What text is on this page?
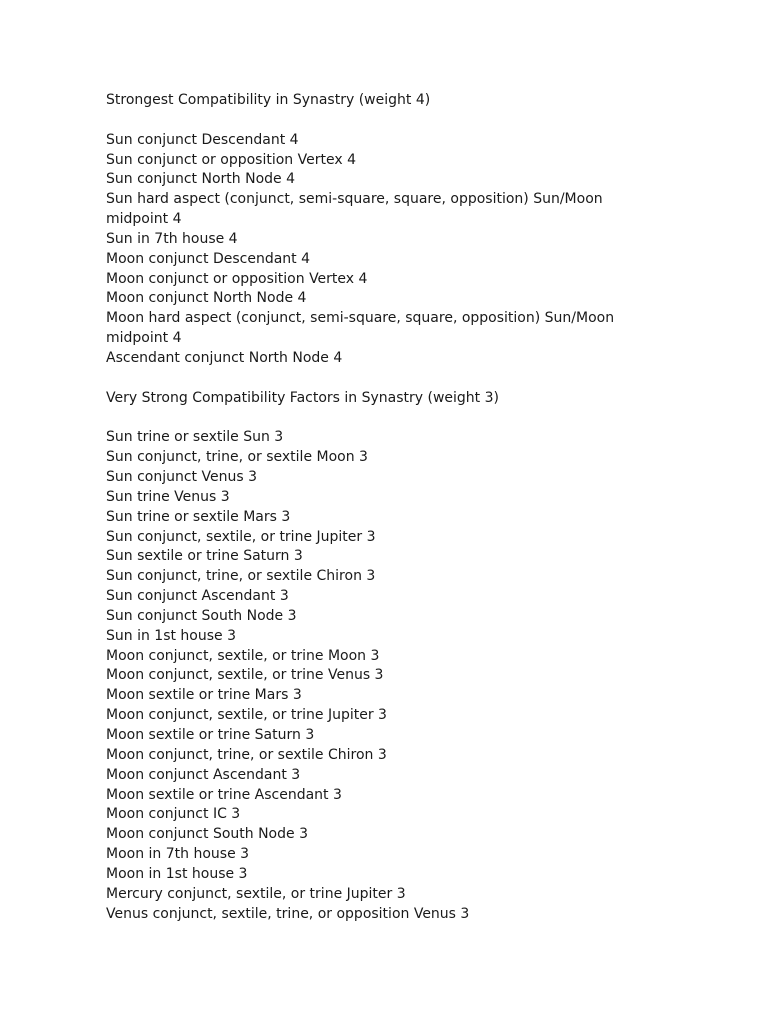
Strongest Compatibility in Synastry (weight 4)
Sun conjunct Descendant 4
Sun conjunct or opposition Vertex 4
Sun conjunct North Node 4
Sun hard aspect (conjunct, semi-square, square, opposition) Sun/Moon midpoint 4
Sun in 7th house 4
Moon conjunct Descendant 4
Moon conjunct or opposition Vertex 4
Moon conjunct North Node 4
Moon hard aspect (conjunct, semi-square, square, opposition) Sun/Moon midpoint 4
Ascendant conjunct North Node 4
Very Strong Compatibility Factors in Synastry (weight 3)
Sun trine or sextile Sun 3
Sun conjunct, trine, or sextile Moon 3
Sun conjunct Venus 3
Sun trine Venus 3
Sun trine or sextile Mars 3
Sun conjunct, sextile, or trine Jupiter 3
Sun sextile or trine Saturn 3
Sun conjunct, trine, or sextile Chiron 3
Sun conjunct Ascendant 3
Sun conjunct South Node 3
Sun in 1st house 3
Moon conjunct, sextile, or trine Moon 3
Moon conjunct, sextile, or trine Venus 3
Moon sextile or trine Mars 3
Moon conjunct, sextile, or trine Jupiter 3
Moon sextile or trine Saturn 3
Moon conjunct, trine, or sextile Chiron 3
Moon conjunct Ascendant 3
Moon sextile or trine Ascendant 3
Moon conjunct IC 3
Moon conjunct South Node 3
Moon in 7th house 3
Moon in 1st house 3
Mercury conjunct, sextile, or trine Jupiter 3
Venus conjunct, sextile, trine, or opposition Venus 3
